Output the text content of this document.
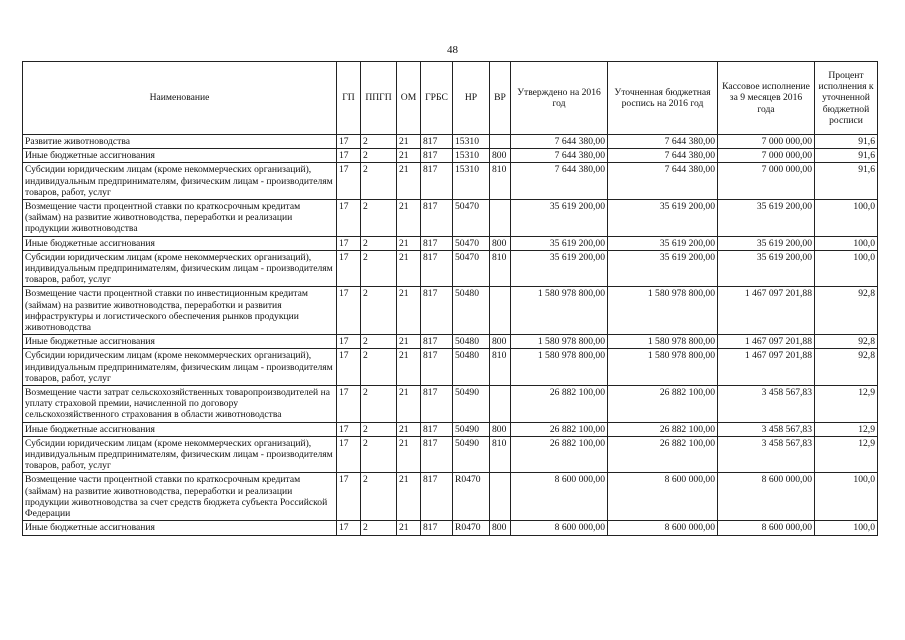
48
Наименование	ГП	ППГП	ОМ	ГРБС	НР	ВР	Утверждено на 2016 год	Уточненная бюджетная роспись на 2016 год	Кассовое исполнение за 9 месяцев 2016 года	Процент исполнения к уточненной бюджетной росписи
Развитие животноводства	17	2	21	817	15310		7 644 380,00	7 644 380,00	7 000 000,00	91,6
Иные бюджетные ассигнования	17	2	21	817	15310	800	7 644 380,00	7 644 380,00	7 000 000,00	91,6
Субсидии юридическим лицам (кроме некоммерческих организаций), индивидуальным предпринимателям, физическим лицам - производителям товаров, работ, услуг	17	2	21	817	15310	810	7 644 380,00	7 644 380,00	7 000 000,00	91,6
Возмещение части процентной ставки по краткосрочным кредитам (займам) на развитие животноводства, переработки и реализации продукции животноводства	17	2	21	817	50470		35 619 200,00	35 619 200,00	35 619 200,00	100,0
Иные бюджетные ассигнования	17	2	21	817	50470	800	35 619 200,00	35 619 200,00	35 619 200,00	100,0
Субсидии юридическим лицам (кроме некоммерческих организаций), индивидуальным предпринимателям, физическим лицам - производителям товаров, работ, услуг	17	2	21	817	50470	810	35 619 200,00	35 619 200,00	35 619 200,00	100,0
Возмещение части процентной ставки по инвестиционным кредитам (займам) на развитие животноводства, переработки и развития инфраструктуры и логистического обеспечения рынков продукции животноводства	17	2	21	817	50480		1 580 978 800,00	1 580 978 800,00	1 467 097 201,88	92,8
Иные бюджетные ассигнования	17	2	21	817	50480	800	1 580 978 800,00	1 580 978 800,00	1 467 097 201,88	92,8
Субсидии юридическим лицам (кроме некоммерческих организаций), индивидуальным предпринимателям, физическим лицам - производителям товаров, работ, услуг	17	2	21	817	50480	810	1 580 978 800,00	1 580 978 800,00	1 467 097 201,88	92,8
Возмещение части затрат сельскохозяйственных товаропроизводителей на уплату страховой премии, начисленной по договору сельскохозяйственного страхования в области животноводства	17	2	21	817	50490		26 882 100,00	26 882 100,00	3 458 567,83	12,9
Иные бюджетные ассигнования	17	2	21	817	50490	800	26 882 100,00	26 882 100,00	3 458 567,83	12,9
Субсидии юридическим лицам (кроме некоммерческих организаций), индивидуальным предпринимателям, физическим лицам - производителям товаров, работ, услуг	17	2	21	817	50490	810	26 882 100,00	26 882 100,00	3 458 567,83	12,9
Возмещение части процентной ставки по краткосрочным кредитам (займам) на развитие животноводства, переработки и реализации продукции животноводства за счет средств бюджета субъекта Российской Федерации	17	2	21	817	R0470		8 600 000,00	8 600 000,00	8 600 000,00	100,0
Иные бюджетные ассигнования	17	2	21	817	R0470	800	8 600 000,00	8 600 000,00	8 600 000,00	100,0
